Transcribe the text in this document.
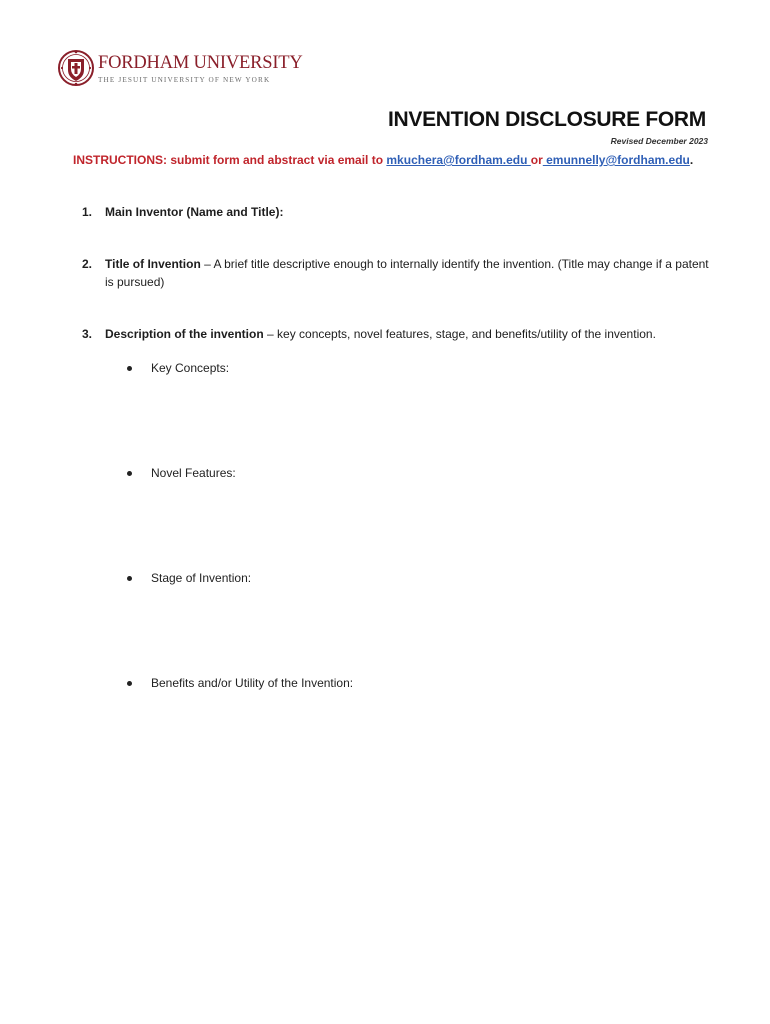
FORDHAM UNIVERSITY
THE JESUIT UNIVERSITY OF NEW YORK
INVENTION DISCLOSURE FORM
Revised December 2023
INSTRUCTIONS: submit form and abstract via email to mkuchera@fordham.edu or emunnelly@fordham.edu.
1. Main Inventor (Name and Title):
2. Title of Invention – A brief title descriptive enough to internally identify the invention. (Title may change if a patent is pursued)
3. Description of the invention – key concepts, novel features, stage, and benefits/utility of the invention.
Key Concepts:
Novel Features:
Stage of Invention:
Benefits and/or Utility of the Invention:
